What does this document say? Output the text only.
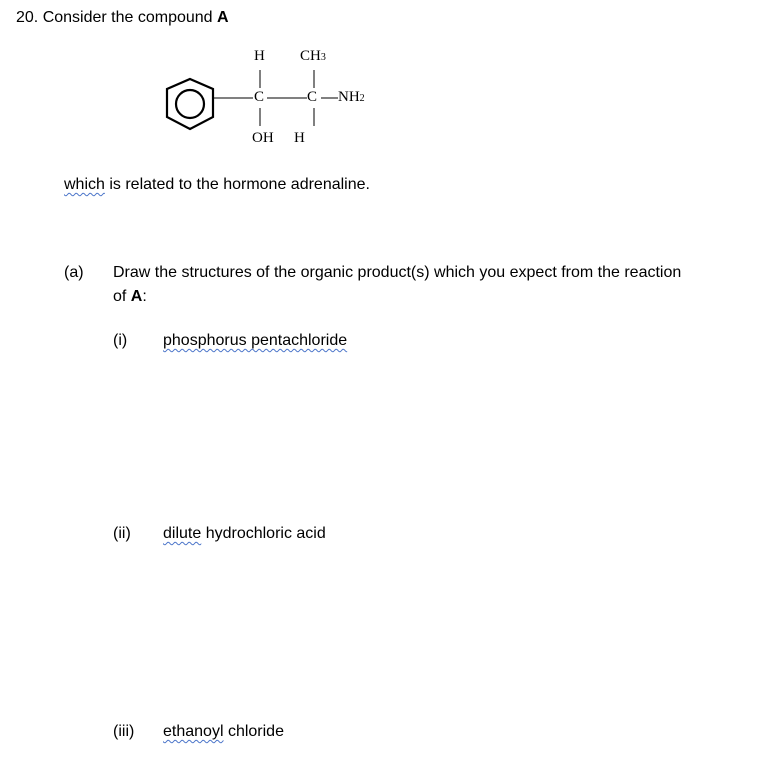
20. Consider the compound A
H CH3
C	C NH2
OH H
which is related to the hormone adrenaline.
(a) Draw the structures of the organic product(s) which you expect from the reaction
of A:
(i) phosphorus pentachloride
(ii) dilute hydrochloric acid
(iii) ethanoyl chloride
